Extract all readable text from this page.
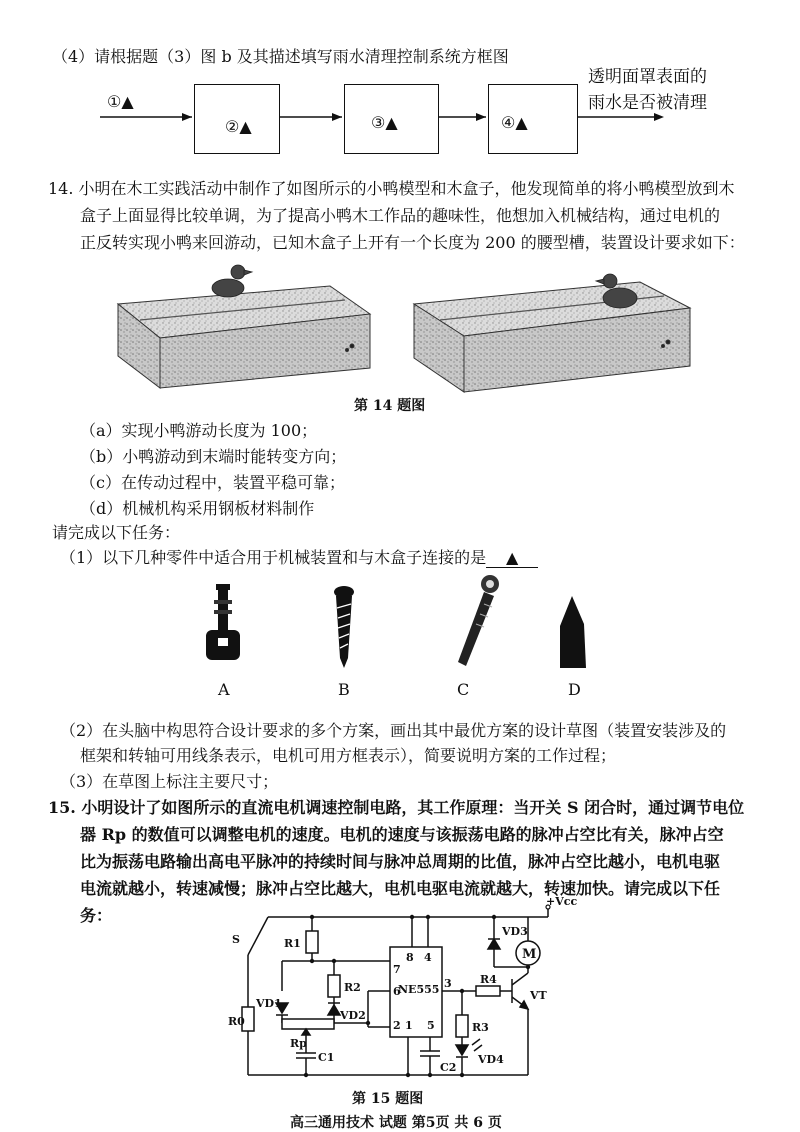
（4）请根据题（3）图 b 及其描述填写雨水清理控制系统方框图
①▲
②▲	③▲	④▲
透明面罩表面的
雨水是否被清理
14. 小明在木工实践活动中制作了如图所示的小鸭模型和木盒子，他发现简单的将小鸭模型放到木
盒子上面显得比较单调，为了提高小鸭木工作品的趣味性，他想加入机械结构，通过电机的
正反转实现小鸭来回游动，已知木盒子上开有一个长度为 200 的腰型槽，装置设计要求如下：
第 14 题图
（a）实现小鸭游动长度为 100；
（b）小鸭游动到末端时能转变方向；
（c）在传动过程中，装置平稳可靠；
（d）机械机构采用钢板材料制作
请完成以下任务：
（1）以下几种零件中适合用于机械装置和与木盒子连接的是 ▲
A	B	C	D
（2）在头脑中构思符合设计要求的多个方案，画出其中最优方案的设计草图（装置安装涉及的
框架和转轴可用线条表示，电机可用方框表示），简要说明方案的工作过程；
（3）在草图上标注主要尺寸；
15. 小明设计了如图所示的直流电机调速控制电路，其工作原理：当开关 S 闭合时，通过调节电位
器 Rp 的数值可以调整电机的速度。电机的速度与该振荡电路的脉冲占空比有关，脉冲占空
比为振荡电路输出高电平脉冲的持续时间与脉冲总周期的比值，脉冲占空比越小，电机电驱
电流就越小，转速减慢；脉冲占空比越大，电机电驱电流就越大，转速加快。请完成以下任
务：
+Vcc
S	R1
R0
VD1
R2
VD2
Rp
C1
NE555
8 4
7
6
3
2 1 5
C2
R3
VD4
R4
VT
VD3
M
第 15 题图
高三通用技术 试题 第5页 共 6 页
